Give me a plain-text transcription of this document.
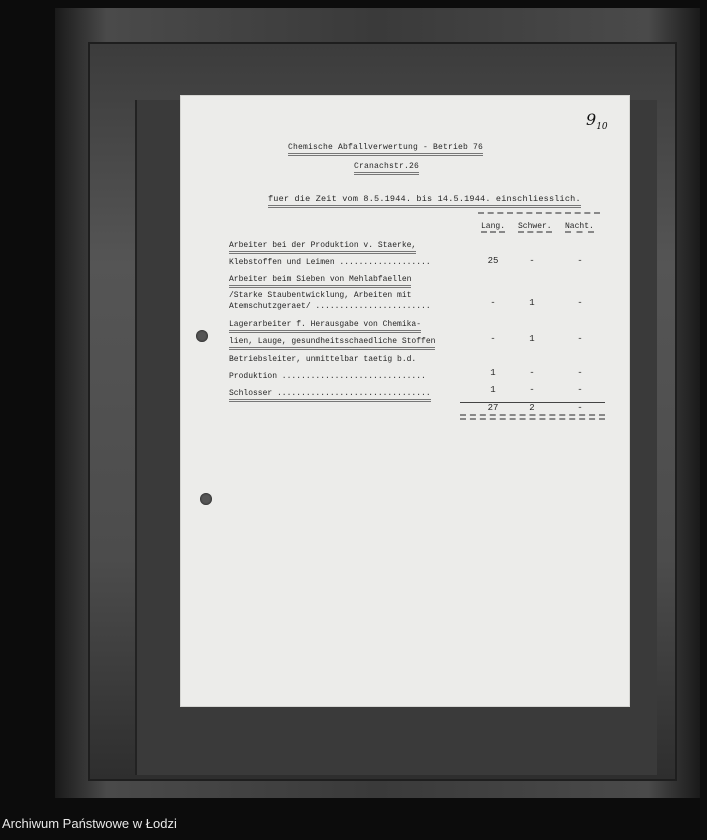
$9_{10}$
Chemische Abfallverwertung - Betrieb 76
Cranachstr.26
fuer die Zeit vom 8.5.1944. bis 14.5.1944. einschliesslich.
Lang. Schwer. Nacht.
Arbeiter bei der Produktion v. Staerke,
Klebstoffen und Leimen ...................	25	-	-
Arbeiter beim Sieben von Mehlabfaellen
/Starke Staubentwicklung, Arbeiten mit
Atemschutzgeraet/ ........................	-	1	-
Lagerarbeiter f. Herausgabe von Chemika-
lien, Lauge, gesundheitsschaedliche Stoffen	-	1	-
Betriebsleiter, unmittelbar taetig b.d.
Produktion ..............................	1	-	-
Schlosser ................................	1	-	-
27	2	-
Archiwum Państwowe w Łodzi
